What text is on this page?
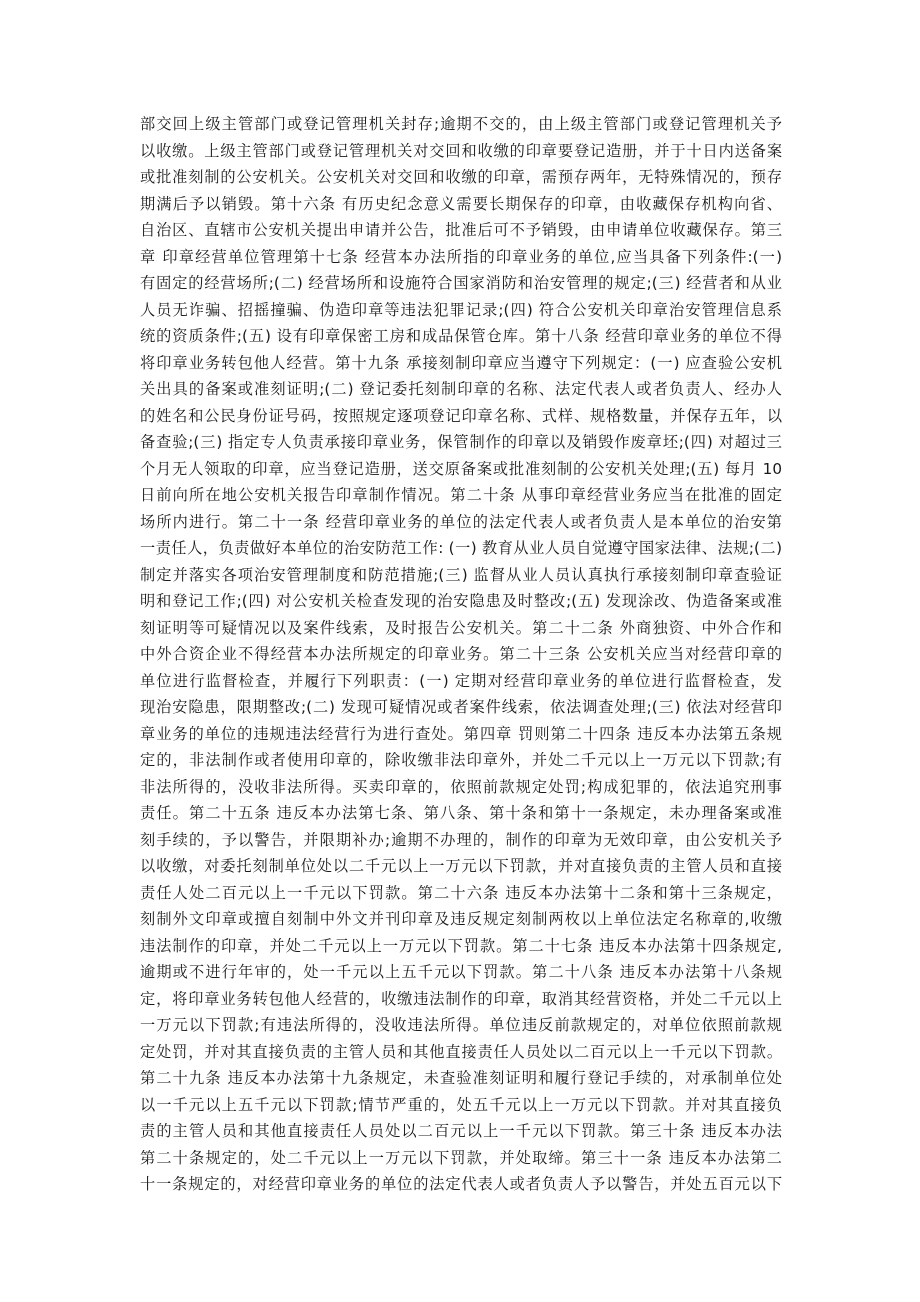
部交回上级主管部门或登记管理机关封存;逾期不交的，由上级主管部门或登记管理机关予
以收缴。上级主管部门或登记管理机关对交回和收缴的印章要登记造册，并于十日内送备案
或批准刻制的公安机关。公安机关对交回和收缴的印章，需预存两年，无特殊情况的，预存
期满后予以销毁。第十六条 有历史纪念意义需要长期保存的印章，由收藏保存机构向省、
自治区、直辖市公安机关提出申请并公告，批准后可不予销毁，由申请单位收藏保存。第三
章 印章经营单位管理第十七条 经营本办法所指的印章业务的单位,应当具备下列条件:(一)
有固定的经营场所;(二) 经营场所和设施符合国家消防和治安管理的规定;(三) 经营者和从业
人员无诈骗、招摇撞骗、伪造印章等违法犯罪记录;(四) 符合公安机关印章治安管理信息系
统的资质条件;(五) 设有印章保密工房和成品保管仓库。第十八条 经营印章业务的单位不得
将印章业务转包他人经营。第十九条 承接刻制印章应当遵守下列规定：(一) 应查验公安机
关出具的备案或准刻证明;(二) 登记委托刻制印章的名称、法定代表人或者负责人、经办人
的姓名和公民身份证号码，按照规定逐项登记印章名称、式样、规格数量，并保存五年，以
备查验;(三) 指定专人负责承接印章业务，保管制作的印章以及销毁作废章坯;(四) 对超过三
个月无人领取的印章，应当登记造册，送交原备案或批准刻制的公安机关处理;(五) 每月 10
日前向所在地公安机关报告印章制作情况。第二十条 从事印章经营业务应当在批准的固定
场所内进行。第二十一条 经营印章业务的单位的法定代表人或者负责人是本单位的治安第
一责任人，负责做好本单位的治安防范工作: (一) 教育从业人员自觉遵守国家法律、法规;(二)
制定并落实各项治安管理制度和防范措施;(三) 监督从业人员认真执行承接刻制印章查验证
明和登记工作;(四) 对公安机关检查发现的治安隐患及时整改;(五) 发现涂改、伪造备案或准
刻证明等可疑情况以及案件线索，及时报告公安机关。第二十二条 外商独资、中外合作和
中外合资企业不得经营本办法所规定的印章业务。第二十三条 公安机关应当对经营印章的
单位进行监督检查，并履行下列职责：(一) 定期对经营印章业务的单位进行监督检查，发
现治安隐患，限期整改;(二) 发现可疑情况或者案件线索，依法调查处理;(三) 依法对经营印
章业务的单位的违规违法经营行为进行查处。第四章 罚则第二十四条 违反本办法第五条规
定的，非法制作或者使用印章的，除收缴非法印章外，并处二千元以上一万元以下罚款;有
非法所得的，没收非法所得。买卖印章的，依照前款规定处罚;构成犯罪的，依法追究刑事
责任。第二十五条 违反本办法第七条、第八条、第十条和第十一条规定，未办理备案或准
刻手续的，予以警告，并限期补办;逾期不办理的，制作的印章为无效印章，由公安机关予
以收缴，对委托刻制单位处以二千元以上一万元以下罚款，并对直接负责的主管人员和直接
责任人处二百元以上一千元以下罚款。第二十六条 违反本办法第十二条和第十三条规定，
刻制外文印章或擅自刻制中外文并刊印章及违反规定刻制两枚以上单位法定名称章的,收缴
违法制作的印章，并处二千元以上一万元以下罚款。第二十七条 违反本办法第十四条规定,
逾期或不进行年审的，处一千元以上五千元以下罚款。第二十八条 违反本办法第十八条规
定，将印章业务转包他人经营的，收缴违法制作的印章，取消其经营资格，并处二千元以上
一万元以下罚款;有违法所得的，没收违法所得。单位违反前款规定的，对单位依照前款规
定处罚，并对其直接负责的主管人员和其他直接责任人员处以二百元以上一千元以下罚款。
第二十九条 违反本办法第十九条规定，未查验准刻证明和履行登记手续的，对承制单位处
以一千元以上五千元以下罚款;情节严重的，处五千元以上一万元以下罚款。并对其直接负
责的主管人员和其他直接责任人员处以二百元以上一千元以下罚款。第三十条 违反本办法
第二十条规定的，处二千元以上一万元以下罚款，并处取缔。第三十一条 违反本办法第二
十一条规定的，对经营印章业务的单位的法定代表人或者负责人予以警告，并处五百元以下
